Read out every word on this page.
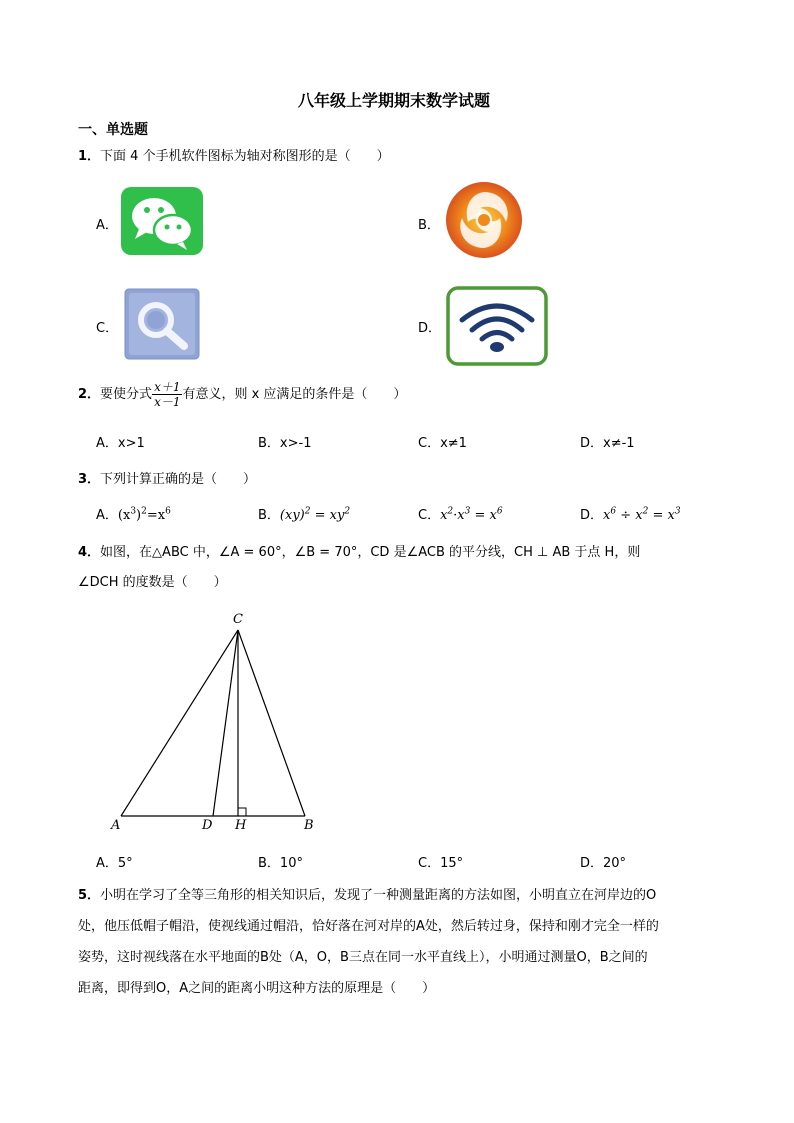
八年级上学期期末数学试题
一、单选题
1．下面 4 个手机软件图标为轴对称图形的是（　　）
A．	B．
C．	D．
2．要使分式 $\frac{x+1}{x-1}$ 有意义，则 x 应满足的条件是（　　）
A．x>1	B．x>-1	C．x≠1	D．x≠-1
3．下列计算正确的是（　　）
A．$(x^3)^2=x^6$	B．$(xy)^2 = xy^2$	C．$x^2\cdot x^3 = x^6$	D．$x^6 \div x^2 = x^3$
4．如图，在△ABC 中，∠A = 60°，∠B = 70°，CD 是∠ACB 的平分线，CH ⊥ AB 于点 H，则
∠DCH 的度数是（　　）
C
A	D H	B
A．5°	B．10°	C．15°	D．20°
5．小明在学习了全等三角形的相关知识后，发现了一种测量距离的方法如图，小明直立在河岸边的O
处，他压低帽子帽沿，使视线通过帽沿，恰好落在河对岸的A处，然后转过身，保持和刚才完全一样的
姿势，这时视线落在水平地面的B处（A，O，B三点在同一水平直线上），小明通过测量O，B之间的
距离，即得到O，A之间的距离小明这种方法的原理是（　　）
